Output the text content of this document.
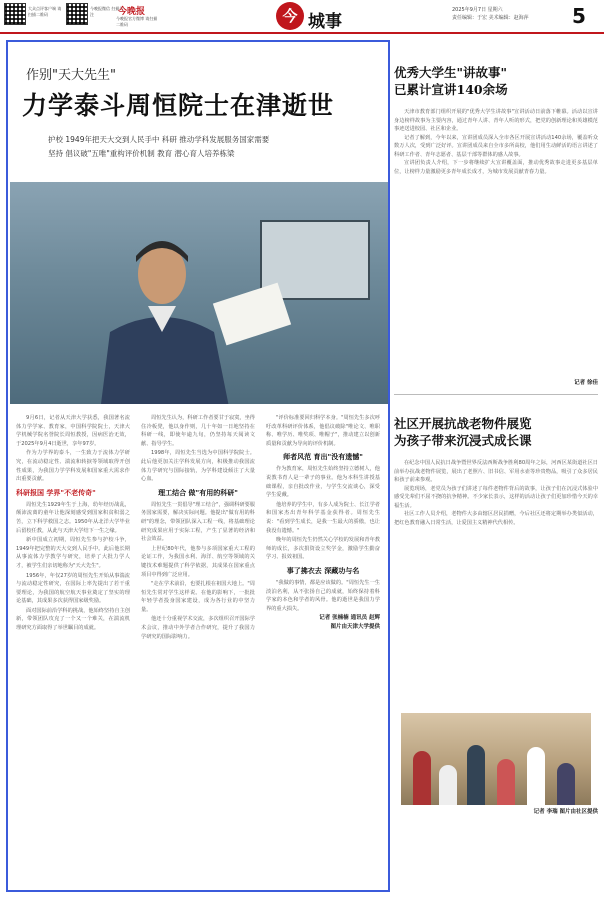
大众点评客户端 请扫描二维码
今晚报微信 扫描关注	今晚报
今晚报官方微博 请扫描二维码	今 城事
2025年9月7日 星期六
责任编辑：于宏 美术编辑：赵海萍	5
作别"天大先生"
力学泰斗周恒院士在津逝世
护校 1949年把天大交到人民手中 科研 推动学科发展服务国家需要
坚持 倡议破"五唯"重构评价机制 教育 潜心育人培养栋梁
9月6日，记者从天津大学获悉，我国著名流体力学学家、教育家，中国科学院院士，天津大学机械学院名誉院长周恒教授，因病医治无效，于2025年9月4日逝世，享年97岁。
作为力学界的泰斗，一生致力于流体力学研究，在流动稳定性、湍流和转捩等领域取得开创性成果，为我国力学学科发展和国家重大需求作出重要贡献。
科研报国 学界"不老传奇"
周恒先生1929年生于上海，幼年经历战乱，颠沛流离的童年让他深刻感受到国家积贫积弱之苦，立下科学救国之志。1950年从北洋大学毕业后留校任教，从此与天津大学结下一生之缘。
新中国成立初期，周恒先生参与护校斗争，1949年把完整的天大交到人民手中。此后他长期从事流体力学教学与研究，培养了大批力学人才，被学生们亲切地称为"天大先生"。
1956年，年仅27岁的周恒先生开始从事湍流与流动稳定性研究，在国际上率先提出了若干重要理论，为我国的航空航天事业奠定了坚实的理论基础，其成果多次获得国家级奖励。
面对国际前沿学科的挑战，他始终坚持自主创新，带领团队攻克了一个又一个难关，在湍流机理研究方面取得了举世瞩目的成就。
周恒先生认为，科研工作者要甘于寂寞，坐得住冷板凳，他以身作则，几十年如一日地坚持在科研一线，即使年逾九旬，仍坚持每天阅读文献、指导学生。
1998年，周恒先生当选为中国科学院院士。此后他更加关注学科发展方向，积极推动我国流体力学研究与国际接轨，为学科建设倾注了大量心血。
理工结合 做"有用的科研"
周恒先生一贯倡导"理工结合"，强调科研要服务国家需要，解决实际问题。他提出"做有用的科研"的理念，带领团队深入工程一线，将基础理论研究成果应用于实际工程，产生了显著的经济和社会效益。
上世纪80年代，他参与多项国家重大工程的论证工作，为我国水利、海洋、航空等领域的关键技术难题提供了科学依据，其成果在国家重点项目中得到广泛应用。
"走在学术前沿，也要扎根在祖国大地上。"周恒先生常对学生这样说。在他的影响下，一批批年轻学者投身国家建设，成为各行业的中坚力量。
他还十分重视学术交流，多次组织召开国际学术会议，推动中外学者合作研究，提升了我国力学研究的国际影响力。
"评价标准要回归科学本身。"周恒先生多次呼吁改革科研评价体系，他倡议破除"唯论文、唯职称、唯学历、唯奖项、唯帽子"，推动建立以创新质量和贡献为导向的评价机制。
师者风范 育出"没有遗憾"
作为教育家，周恒先生始终坚持立德树人，他说教书育人是一辈子的事业。他为本科生讲授基础课程，亲自批改作业，与学生交流谈心，深受学生爱戴。
他培养的学生中，有多人成为院士、长江学者和国家杰出青年科学基金获得者。周恒先生说："看到学生成长，是我一生最大的骄傲，也让我没有遗憾。"
晚年的周恒先生仍然关心学校的发展和青年教师的成长，多次捐资设立奖学金，激励学生勤奋学习、报效祖国。
事了拂衣去 深藏功与名
"我做的事情，都是应该做的。"周恒先生一生淡泊名利，从不张扬自己的成就，始终保持着科学家的本色和学者的风骨。他的逝世是我国力学界的重大损失。
记者 张楠楠 通讯员 赵辉
图片由天津大学提供
优秀大学生"讲故事"
已累计宣讲140余场
天津市教育部门组织开展的"优秀大学生讲故事"宣讲活动日前落下帷幕。活动以宣讲身边榜样故事为主要内容，通过青年人讲、青年人听的形式，把党的创新理论和英雄模范事迹送进校园、社区和企业。
记者了解到，今年以来，宣讲团成员深入全市各区开展宣讲活动140余场，覆盖听众数万人次，受到广泛好评。宣讲团成员来自全市多所高校，他们用生动鲜活的语言讲述了科研工作者、青年志愿者、基层干部等群体的感人故事。
宣讲团负责人介绍，下一步将继续扩大宣讲覆盖面，推动优秀故事走进更多基层单位，让榜样力量激励更多青年成长成才，为城市发展贡献青春力量。
记者 徐佳
社区开展抗战老物件展览
为孩子带来沉浸式成长课
在纪念中国人民抗日战争暨世界反法西斯战争胜利80周年之际，河西区某街道社区日前举办抗战老物件展览，展出了老照片、旧书信、军用水壶等珍贵物品，吸引了众多居民和孩子前来参观。
展览现场，老党员为孩子们讲述了每件老物件背后的故事，让孩子们在沉浸式体验中感受先辈们不屈不挠的抗争精神。不少家长表示，这样的活动让孩子们更加珍惜今天的幸福生活。
社区工作人员介绍，老物件大多由辖区居民捐赠，今后社区还将定期举办类似活动，把红色教育融入日常生活，让爱国主义精神代代相传。
记者 李瑞 图片由社区提供
